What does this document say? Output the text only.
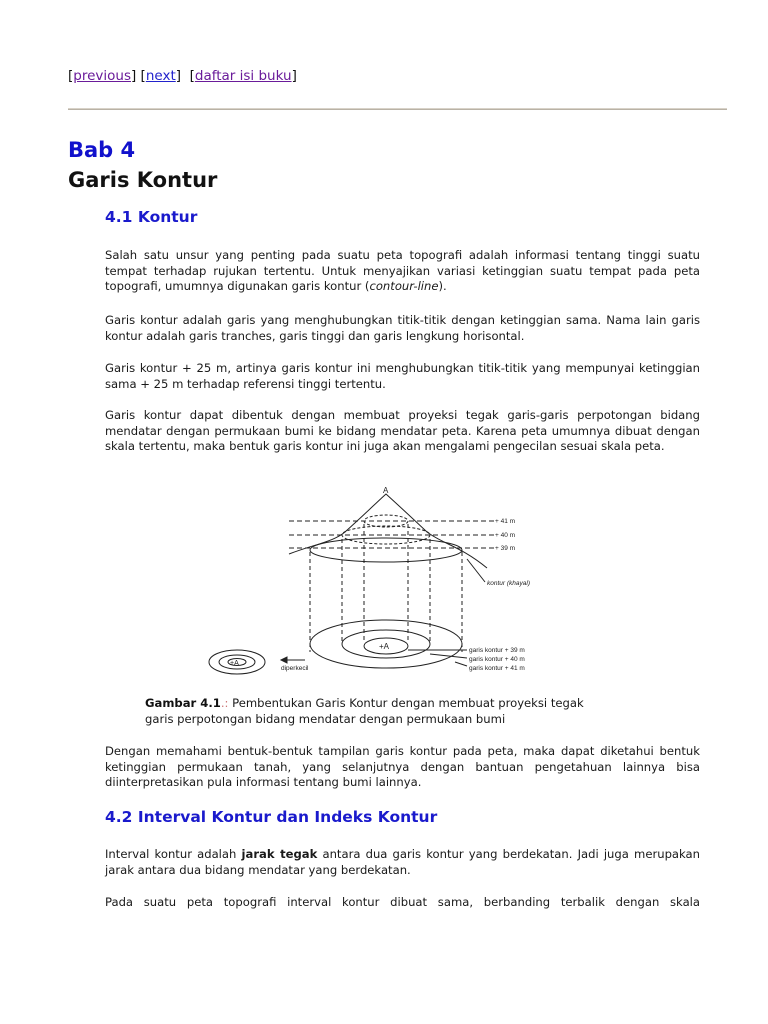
[previous] [next]  [daftar isi buku]
Bab 4
Garis Kontur
4.1 Kontur

Salah satu unsur yang penting pada suatu peta topografi adalah informasi tentang tinggi suatu tempat terhadap rujukan tertentu. Untuk menyajikan variasi ketinggian suatu tempat pada peta topografi, umumnya digunakan garis kontur (contour-line).

Garis kontur adalah garis yang menghubungkan titik-titik dengan ketinggian sama. Nama lain garis kontur adalah garis tranches, garis tinggi dan garis lengkung horisontal.

Garis kontur + 25 m, artinya garis kontur ini menghubungkan titik-titik yang mempunyai ketinggian sama + 25 m terhadap referensi tinggi tertentu.

Garis kontur dapat dibentuk dengan membuat proyeksi tegak garis-garis perpotongan bidang mendatar dengan permukaan bumi ke bidang mendatar peta. Karena peta umumnya dibuat dengan skala tertentu, maka bentuk garis kontur ini juga akan mengalami pengecilan sesuai skala peta.

A
+ 41 m
+ 40 m
+ 39 m
kontur (khayal)
+A
+A
diperkecil
garis kontur + 39 m
garis kontur + 40 m
garis kontur + 41 m
Gambar 4.1.: Pembentukan Garis Kontur dengan membuat proyeksi tegak
garis perpotongan bidang mendatar dengan permukaan bumi

Dengan memahami bentuk-bentuk tampilan garis kontur pada peta, maka dapat diketahui bentuk ketinggian permukaan tanah, yang selanjutnya dengan bantuan pengetahuan lainnya bisa diinterpretasikan pula informasi tentang bumi lainnya.

4.2 Interval Kontur dan Indeks Kontur

Interval kontur adalah jarak tegak antara dua garis kontur yang berdekatan. Jadi juga merupakan jarak antara dua bidang mendatar yang berdekatan.

Pada suatu peta topografi interval kontur dibuat sama, berbanding terbalik dengan skala
